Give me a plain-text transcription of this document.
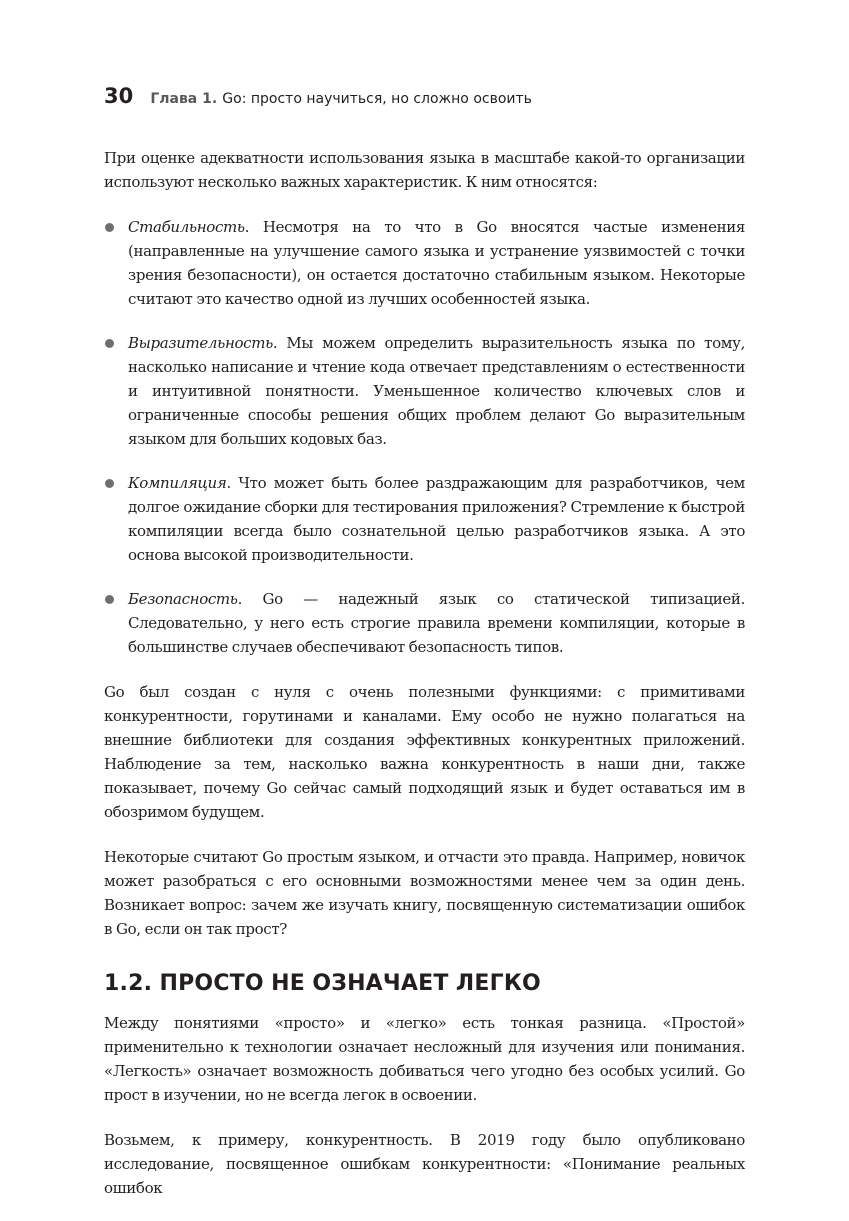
30 Глава 1. Go: просто научиться, но сложно освоить

При оценке адекватности использования языка в масштабе какой-то организации используют несколько важных характеристик. К ним относятся:

Стабильность. Несмотря на то что в Go вносятся частые изменения (направленные на улучшение самого языка и устранение уязвимостей с точки зрения безопасности), он остается достаточно стабильным языком. Некоторые считают это качество одной из лучших особенностей языка.
Выразительность. Мы можем определить выразительность языка по тому, насколько написание и чтение кода отвечает представлениям о естественности и интуитивной понятности. Уменьшенное количество ключевых слов и ограниченные способы решения общих проблем делают Go выразительным языком для больших кодовых баз.
Компиляция. Что может быть более раздражающим для разработчиков, чем долгое ожидание сборки для тестирования приложения? Стремление к быстрой компиляции всегда было сознательной целью разработчиков языка. А это основа высокой производительности.
Безопасность. Go — надежный язык со статической типизацией. Следовательно, у него есть строгие правила времени компиляции, которые в большинстве случаев обеспечивают безопасность типов.

Go был создан с нуля с очень полезными функциями: с примитивами конкурентности, горутинами и каналами. Ему особо не нужно полагаться на внешние библиотеки для создания эффективных конкурентных приложений. Наблюдение за тем, насколько важна конкурентность в наши дни, также показывает, почему Go сейчас самый подходящий язык и будет оставаться им в обозримом будущем.

Некоторые считают Go простым языком, и отчасти это правда. Например, новичок может разобраться с его основными возможностями менее чем за один день. Возникает вопрос: зачем же изучать книгу, посвященную систематизации ошибок в Go, если он так прост?

1.2. ПРОСТО НЕ ОЗНАЧАЕТ ЛЕГКО

Между понятиями «просто» и «легко» есть тонкая разница. «Простой» применительно к технологии означает несложный для изучения или понимания. «Легкость» означает возможность добиваться чего угодно без особых усилий. Go прост в изучении, но не всегда легок в освоении.

Возьмем, к примеру, конкурентность. В 2019 году было опубликовано исследование, посвященное ошибкам конкурентности: «Понимание реальных ошибок
